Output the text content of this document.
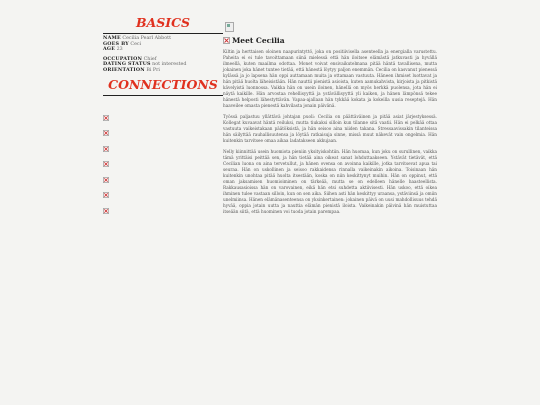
BASICS
NAME Cecilia Pearl Abbott
GOES BY Ceci
AGE 23
OCCUPATION Chief
DATING STATUS not interested
ORIENTATION Bi Pri
CONNECTIONS
Meet Cecilia

Kiltin ja herttaisen oloinen naapurintyttö, joka on positiivisella asenteella ja energialla varustettu. Paheita ei ei tule tavoittamaan siinä mielessä että hän iloitsee elämästä jatkuvasti ja hyvällä ilmeellä, kuten maailma odottaa. Monet voivat ensivaikutelmana pitää häntä tavallisena, mutta jokainen joka hänet tuntee tietää, että hänestä löytyy paljon enemmän. Cecilia on kasvanut pienessä kylässä ja jo lapsena hän oppi auttamaan muita ja ottamaan vastuuta. Häneen ihmiset luottavat ja hän pitää huolta läheisistään. Hän nauttii pienistä asioista, kuten aamukahvista, kirjoista ja pitkistä kävelyistä luonnossa. Vaikka hän on usein iloinen, hänellä on myös herkkä puolensa, jota hän ei näytä kaikille. Hän arvostaa rehellisyyttä ja ystävällisyyttä yli kaiken, ja hänen lämpönsä tekee hänestä helposti lähestyttävän. Vapaa-ajallaan hän tykkää kokata ja kokeilla uusia reseptejä. Hän haaveilee omasta pienestä kahvilasta jonain päivänä.

Työssä paljastuu yllättävä johtajan puoli: Cecilia on päättäväinen ja pitää asiat järjestyksessä. Kollegat kuvaavat häntä reiluksi, mutta tiukaksi silloin kun tilanne sitä vaatii. Hän ei pelkää ottaa vastuuta vaikeistakaan päätöksistä, ja hän seisoo aina niiden takana. Stressaavissakin tilanteissa hän säilyttää rauhallisuutensa ja löytää ratkaisuja sinne, missä muut näkevät vain ongelmia. Hän kuitenkin tarvitsee omaa aikaa ladatakseen akkujaan.

Nelly kiinnittää usein huomiota pieniin yksityiskohtiin. Hän huomaa, kun joku on surullinen, vaikka tämä yrittäisi peittää sen, ja hän tietää aina oikeat sanat lohduttaakseen. Ystävät tietävät, että Cecilian luona on aina tervetullut, ja hänen ovensa on avoinna kaikille, jotka tarvitsevat apua tai seuraa. Hän on uskollinen ja seisoo rakkaidensa rinnalla vaikeinakin aikoina. Toisinaan hän kuitenkin unohtaa pitää huolta itsestään, koska on niin keskittynyt muihin. Hän on oppinut, että oman jaksamisen huomioiminen on tärkeää, mutta se on edelleen hänelle haasteellista. Rakkausasioissa hän on varovainen, eikä hän etsi suhdetta aktiivisesti. Hän uskoo, että oikea ihminen tulee vastaan silloin, kun on sen aika. Siihen asti hän keskittyy uraansa, ystäviinsä ja omiin unelmiinsa. Hänen elämänasenteensa on yksinkertainen: jokainen päivä on uusi mahdollisuus tehdä hyvää, oppia jotain uutta ja nauttia elämän pienistä iloista. Vaikeinakin päivinä hän muistuttaa itseään siitä, että huominen voi tuoda jotain parempaa.
